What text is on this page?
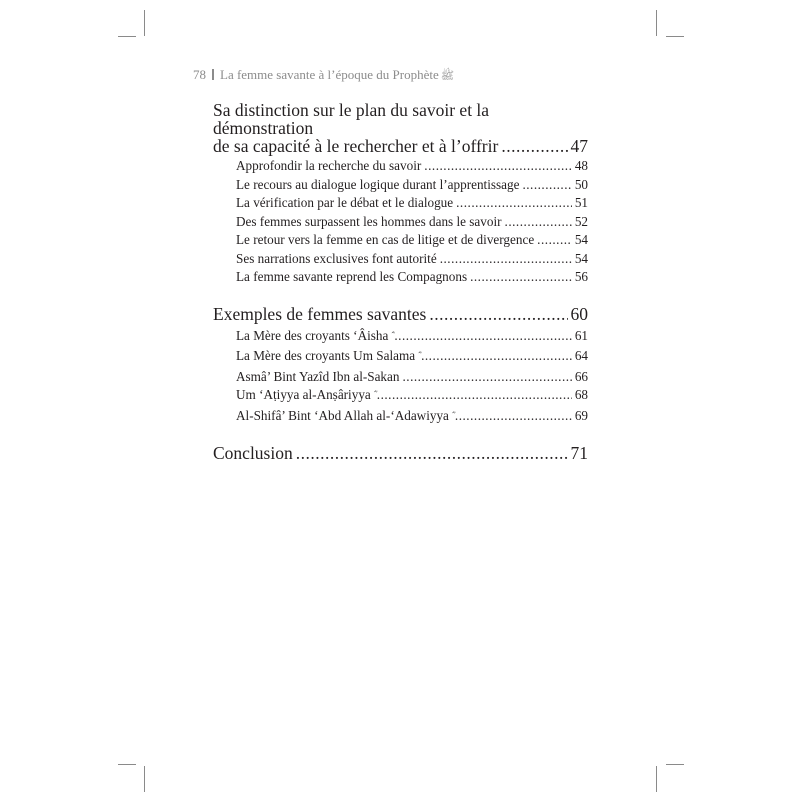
78 La femme savante à l’époque du Prophète ﷺ
Sa distinction sur le plan du savoir et la démonstration
de sa capacité à le rechercher et à l’offrir .....	47
Approfondir la recherche du savoir .....	48
Le recours au dialogue logique durant l’apprentissage .....	50
La vérification par le débat et le dialogue .....	51
Des femmes surpassent les hommes dans le savoir .....	52
Le retour vers la femme en cas de litige et de divergence .....	54
Ses narrations exclusives font autorité .....	54
La femme savante reprend les Compagnons .....	56
Exemples de femmes savantes .....	60
La Mère des croyants ‘Âisha .....	61
La Mère des croyants Um Salama .....	64
Asmâ’ Bint Yazîd Ibn al-Sakan .....	66
Um ‘Aṭiyya al-Anṣâriyya .....	68
Al-Shifâ’ Bint ‘Abd Allah al-‘Adawiyya .....	69
Conclusion .....	71
